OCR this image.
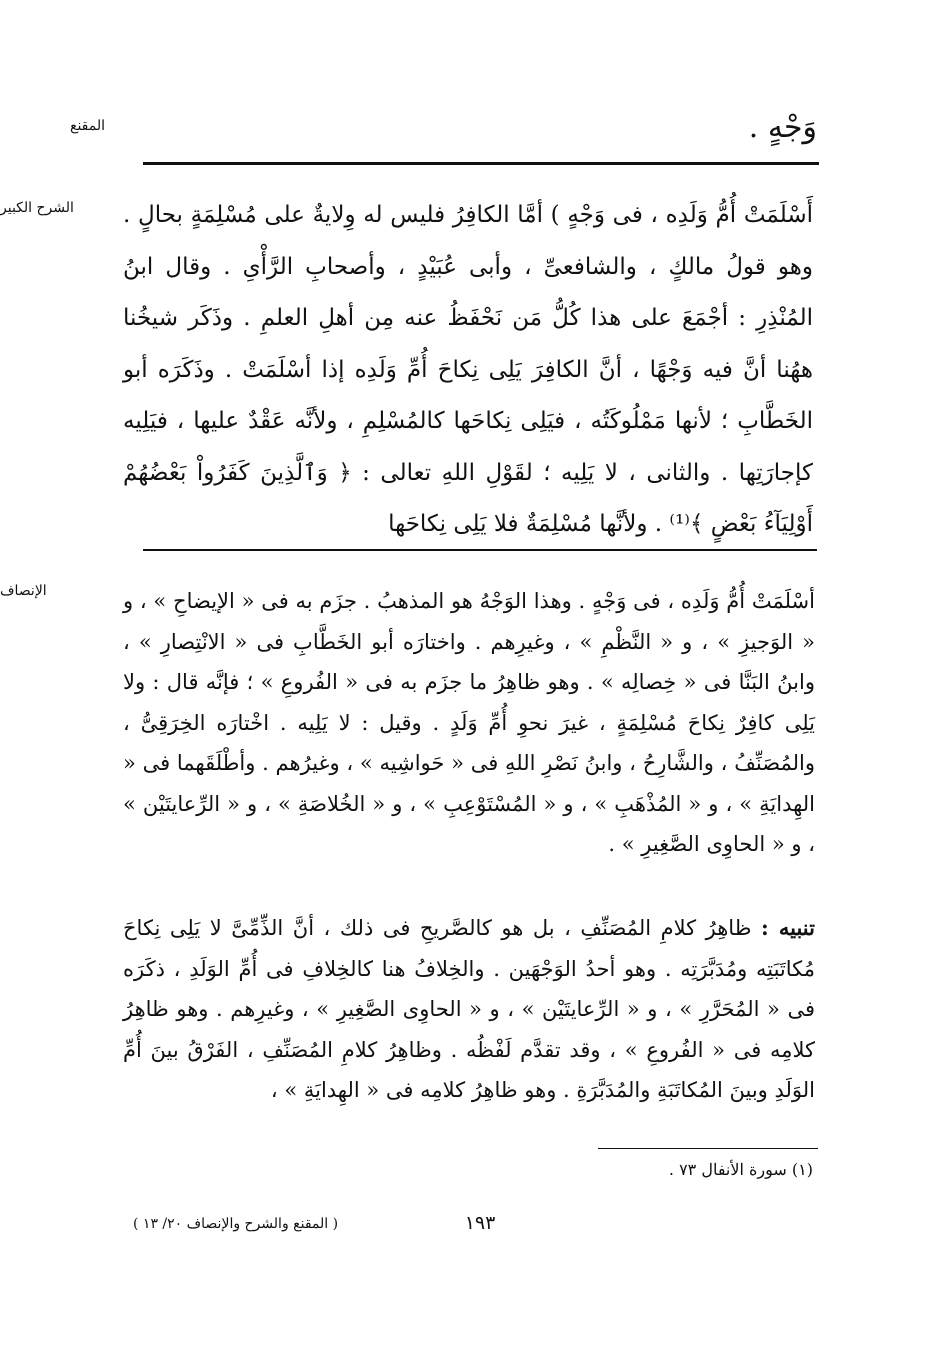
وَجْهٍ .
المقنع
الشرح الكبير	أَسْلَمَتْ أُمُّ وَلَدِه ، فى وَجْهٍ ) أمَّا الكافِرُ فليس له وِلايةٌ على مُسْلِمَةٍ بحالٍ . وهو قولُ مالكٍ ، والشافعىِّ ، وأبى عُبَيْدٍ ، وأصحابِ الرَّأْىِ . وقال ابنُ المُنْذِرِ : أجْمَعَ على هذا كُلُّ مَن نَحْفَظُ عنه مِن أهلِ العلمِ . وذَكَر شيخُنا ههُنا أنَّ فيه وَجْهًا ، أنَّ الكافِرَ يَلِى نِكاحَ أُمِّ وَلَدِه إذا أسْلَمَتْ . وذَكَرَه أبو الخَطَّابِ ؛ لأنها مَمْلُوكَتُه ، فيَلِى نِكاحَها كالمُسْلِمِ ، ولأنَّه عَقْدٌ عليها ، فيَلِيه كإجارَتِها . والثانى ، لا يَلِيه ؛ لقَوْلِ اللهِ تعالى : ﴿ وَٱلَّذِينَ كَفَرُواْ بَعْضُهُمْ أَوْلِيَآءُ بَعْضٍ ﴾⁽¹⁾ . ولأنَّها مُسْلِمَةٌ فلا يَلِى نِكاحَها
الإنصاف	أسْلَمَتْ أُمُّ وَلَدِه ، فى وَجْهٍ . وهذا الوَجْهُ هو المذهبُ . جزَم به فى « الإيضاحِ » ، و « الوَجيزِ » ، و « النَّظْمِ » ، وغيرِهم . واختارَه أبو الخَطَّابِ فى « الانْتِصارِ » ، وابنُ البَنَّا فى « خِصالِه » . وهو ظاهِرُ ما جزَم به فى « الفُروعِ » ؛ فإنَّه قال : ولا يَلِى كافِرٌ نِكاحَ مُسْلِمَةٍ ، غيرَ نحوِ أُمِّ وَلَدٍ . وقيل : لا يَلِيه . اخْتارَه الخِرَقِىُّ ، والمُصَنِّفُ ، والشَّارِحُ ، وابنُ نَصْرِ اللهِ فى « حَواشِيه » ، وغيرُهم . وأطْلَقَهما فى « الهِدايَةِ » ، و « المُذْهَبِ » ، و « المُسْتَوْعِبِ » ، و « الخُلاصَةِ » ، و « الرِّعايتَيْن » ، و « الحاوِى الصَّغِيرِ » .
تنبيه : ظاهِرُ كلامِ المُصَنِّفِ ، بل هو كالصَّريحِ فى ذلك ، أنَّ الذِّمِّىَّ لا يَلِى نِكاحَ مُكاتَبَتِه ومُدَبَّرَتِه . وهو أحدُ الوَجْهَين . والخِلافُ هنا كالخِلافِ فى أُمِّ الوَلَدِ ، ذكَرَه فى « المُحَرَّرِ » ، و « الرِّعايتَيْن » ، و « الحاوِى الصَّغِيرِ » ، وغيرِهم . وهو ظاهِرُ كلامِه فى « الفُروعِ » ، وقد تقدَّم لَفْظُه . وظاهِرُ كلامِ المُصَنِّفِ ، الفَرْقُ بينَ أُمِّ الوَلَدِ وبينَ المُكاتَبَةِ والمُدَبَّرَةِ . وهو ظاهِرُ كلامِه فى « الهِدايَةِ » ،
(١) سورة الأنفال ٧٣ .
١٩٣
( المقنع والشرح والإنصاف ٢٠/ ١٣ )
